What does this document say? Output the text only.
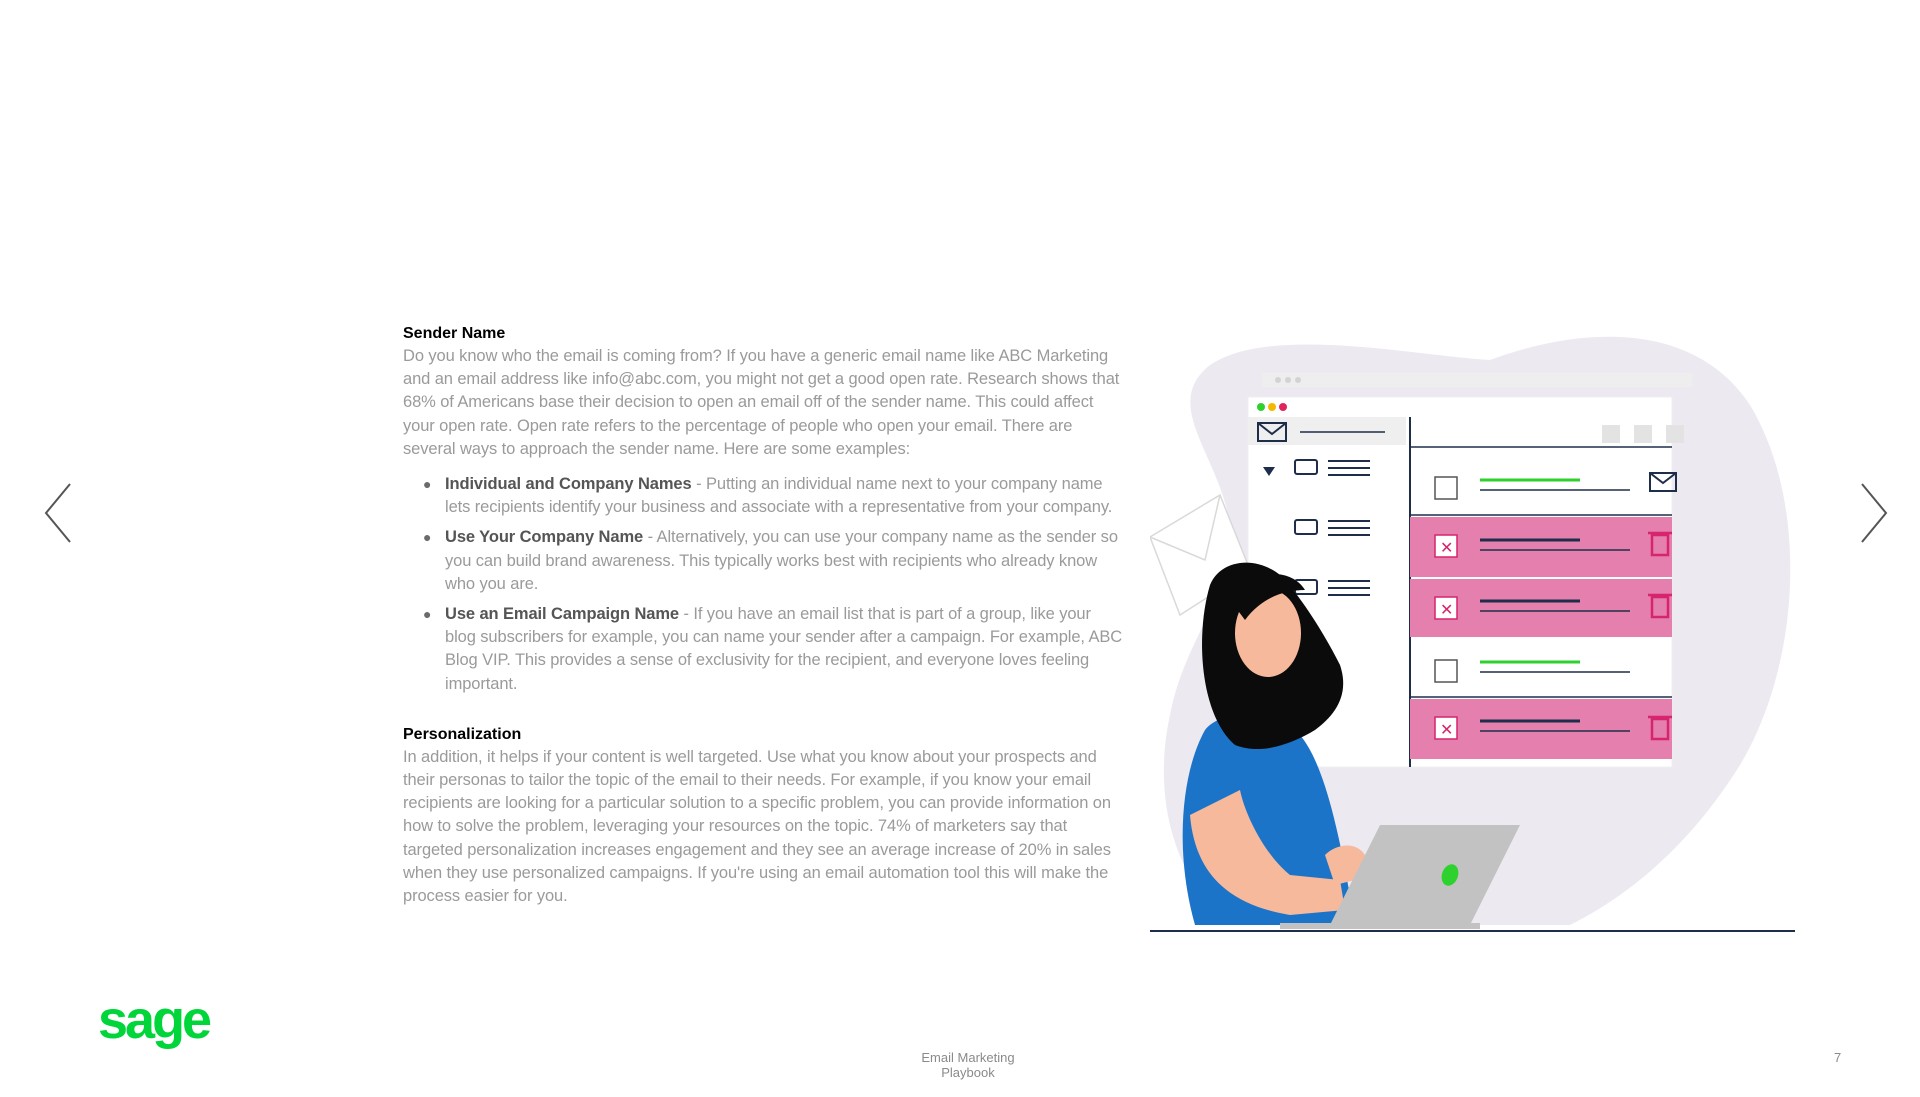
Sender Name

Do you know who the email is coming from? If you have a generic email name like ABC Marketing and an email address like info@abc.com, you might not get a good open rate. Research shows that 68% of Americans base their decision to open an email off of the sender name. This could affect your open rate. Open rate refers to the percentage of people who open your email. There are several ways to approach the sender name. Here are some examples:

● Individual and Company Names - Putting an individual name next to your company name lets recipients identify your business and associate with a representative from your company.
● Use Your Company Name - Alternatively, you can use your company name as the sender so you can build brand awareness. This typically works best with recipients who already know who you are.
● Use an Email Campaign Name - If you have an email list that is part of a group, like your blog subscribers for example, you can name your sender after a campaign. For example, ABC Blog VIP. This provides a sense of exclusivity for the recipient, and everyone loves feeling important.
Personalization

In addition, it helps if your content is well targeted. Use what you know about your prospects and their personas to tailor the topic of the email to their needs. For example, if you know your email recipients are looking for a particular solution to a specific problem, you can provide information on how to solve the problem, leveraging your resources on the topic. 74% of marketers say that targeted personalization increases engagement and they see an average increase of 20% in sales when they use personalized campaigns. If you're using an email automation tool this will make the process easier for you.

✕
✕
✕
sage
Email Marketing Playbook
7
